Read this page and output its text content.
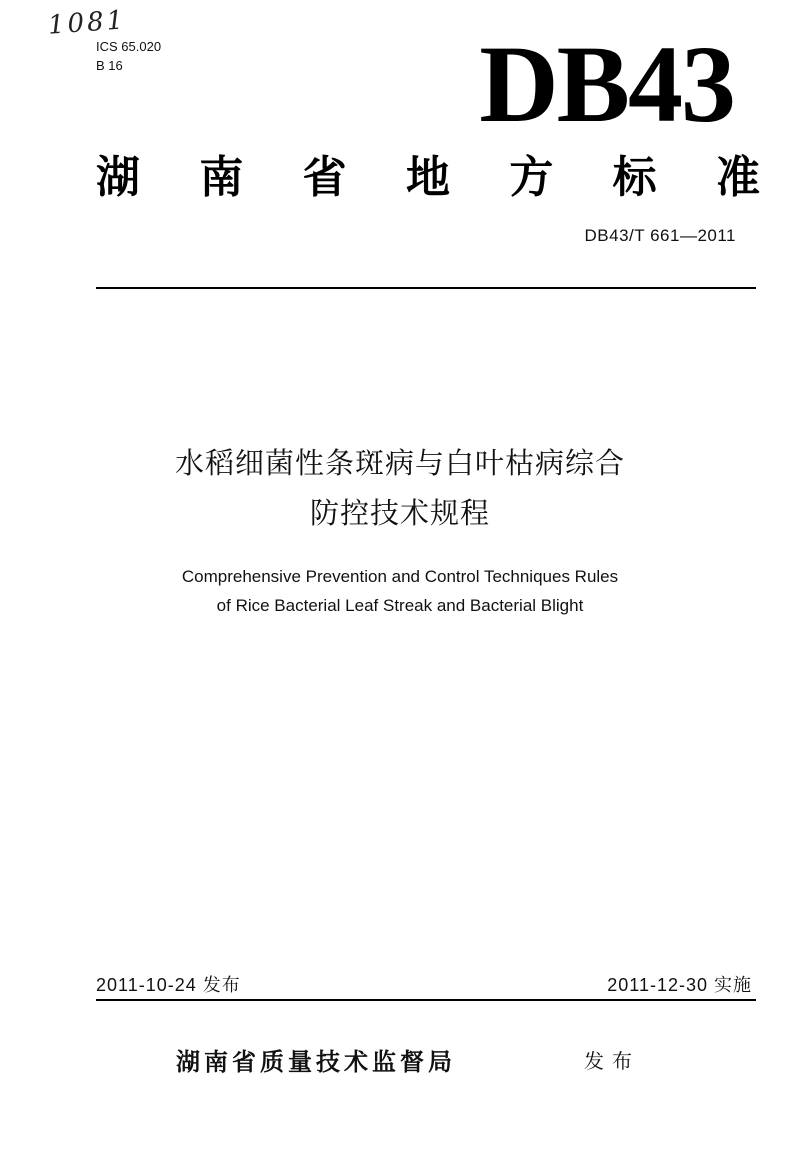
1081
ICS 65.020
B 16	DB43
湖 南 省 地 方 标 准
DB43/T 661—2011
水稻细菌性条斑病与白叶枯病综合
防控技术规程
Comprehensive Prevention and Control Techniques Rules
of Rice Bacterial Leaf Streak and Bacterial Blight
2011-10-24 发布	2011-12-30 实施
湖南省质量技术监督局	发布
